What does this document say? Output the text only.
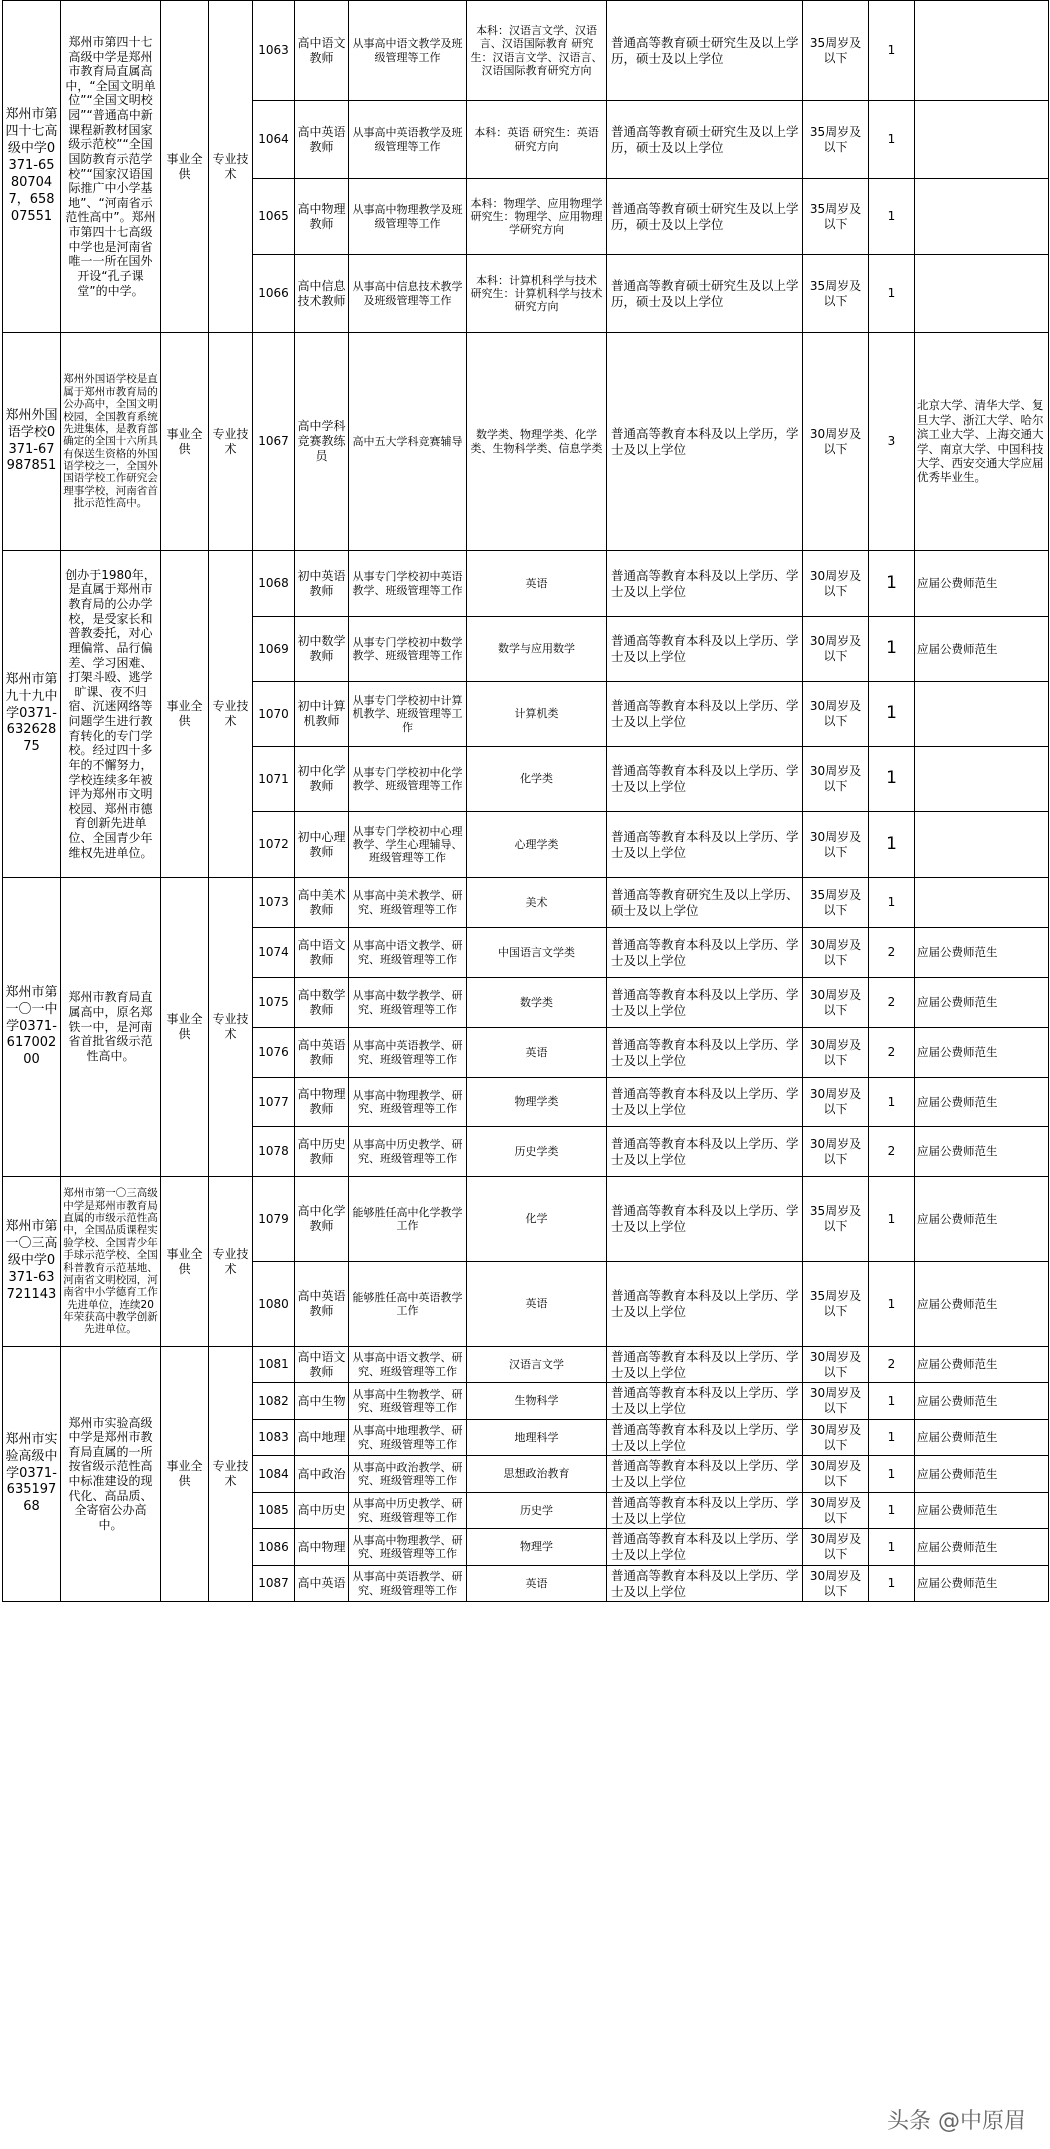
郑州市第四十七高级中学0371-65807047，65807551	郑州市第四十七高级中学是郑州市教育局直属高中，“全国文明单位”“全国文明校园”“普通高中新课程新教材国家级示范校”“全国国防教育示范学校”“国家汉语国际推广中小学基地”、“河南省示范性高中”。郑州市第四十七高级中学也是河南省唯一一所在国外开设“孔子课堂”的中学。	事业全供	专业技术	1063	高中语文教师	从事高中语文教学及班级管理等工作	本科：汉语言文学、汉语言、汉语国际教育 研究生：汉语言文学、汉语言、汉语国际教育研究方向	普通高等教育硕士研究生及以上学历，硕士及以上学位	35周岁及以下	1	
				1064	高中英语教师	从事高中英语教学及班级管理等工作	本科：英语 研究生：英语研究方向	普通高等教育硕士研究生及以上学历，硕士及以上学位	35周岁及以下	1	
				1065	高中物理教师	从事高中物理教学及班级管理等工作	本科：物理学、应用物理学 研究生：物理学、应用物理学研究方向	普通高等教育硕士研究生及以上学历，硕士及以上学位	35周岁及以下	1	
				1066	高中信息技术教师	从事高中信息技术教学及班级管理等工作	本科：计算机科学与技术 研究生：计算机科学与技术研究方向	普通高等教育硕士研究生及以上学历，硕士及以上学位	35周岁及以下	1	
郑州外国语学校0371-67987851	郑州外国语学校是直属于郑州市教育局的公办高中，全国文明校园，全国教育系统先进集体，是教育部确定的全国十六所具有保送生资格的外国语学校之一，全国外国语学校工作研究会理事学校，河南省首批示范性高中。	事业全供	专业技术	1067	高中学科竞赛教练员	高中五大学科竞赛辅导	数学类、物理学类、化学类、生物科学类、信息学类	普通高等教育本科及以上学历，学士及以上学位	30周岁及以下	3	北京大学、清华大学、复旦大学、浙江大学、哈尔滨工业大学、上海交通大学、南京大学、中国科技大学、西安交通大学应届优秀毕业生。
郑州市第九十九中学0371-63262875	创办于1980年，是直属于郑州市教育局的公办学校，是受家长和普教委托，对心理偏常、品行偏差、学习困难、打架斗殴、逃学旷课、夜不归宿、沉迷网络等问题学生进行教育转化的专门学校。经过四十多年的不懈努力，学校连续多年被评为郑州市文明校园、郑州市德育创新先进单位、全国青少年维权先进单位。	事业全供	专业技术	1068	初中英语教师	从事专门学校初中英语教学、班级管理等工作	英语	普通高等教育本科及以上学历、学士及以上学位	30周岁及以下	1	应届公费师范生
				1069	初中数学教师	从事专门学校初中数学教学、班级管理等工作	数学与应用数学	普通高等教育本科及以上学历、学士及以上学位	30周岁及以下	1	应届公费师范生
				1070	初中计算机教师	从事专门学校初中计算机教学、班级管理等工作	计算机类	普通高等教育本科及以上学历、学士及以上学位	30周岁及以下	1	
				1071	初中化学教师	从事专门学校初中化学教学、班级管理等工作	化学类	普通高等教育本科及以上学历、学士及以上学位	30周岁及以下	1	
				1072	初中心理教师	从事专门学校初中心理教学、学生心理辅导、班级管理等工作	心理学类	普通高等教育本科及以上学历、学士及以上学位	30周岁及以下	1	
郑州市第一〇一中学0371-61700200	郑州市教育局直属高中，原名郑铁一中，是河南省首批省级示范性高中。	事业全供	专业技术	1073	高中美术教师	从事高中美术教学、研究、班级管理等工作	美术	普通高等教育研究生及以上学历、硕士及以上学位	35周岁及以下	1	
				1074	高中语文教师	从事高中语文教学、研究、班级管理等工作	中国语言文学类	普通高等教育本科及以上学历、学士及以上学位	30周岁及以下	2	应届公费师范生
				1075	高中数学教师	从事高中数学教学、研究、班级管理等工作	数学类	普通高等教育本科及以上学历、学士及以上学位	30周岁及以下	2	应届公费师范生
				1076	高中英语教师	从事高中英语教学、研究、班级管理等工作	英语	普通高等教育本科及以上学历、学士及以上学位	30周岁及以下	2	应届公费师范生
				1077	高中物理教师	从事高中物理教学、研究、班级管理等工作	物理学类	普通高等教育本科及以上学历、学士及以上学位	30周岁及以下	1	应届公费师范生
				1078	高中历史教师	从事高中历史教学、研究、班级管理等工作	历史学类	普通高等教育本科及以上学历、学士及以上学位	30周岁及以下	2	应届公费师范生
郑州市第一〇三高级中学0371-63721143	郑州市第一〇三高级中学是郑州市教育局直属的市级示范性高中，全国品质课程实验学校、全国青少年手球示范学校、全国科普教育示范基地、河南省文明校园，河南省中小学德育工作先进单位，连续20年荣获高中教学创新先进单位。	事业全供	专业技术	1079	高中化学教师	能够胜任高中化学教学工作	化学	普通高等教育本科及以上学历、学士及以上学位	35周岁及以下	1	应届公费师范生
				1080	高中英语教师	能够胜任高中英语教学工作	英语	普通高等教育本科及以上学历、学士及以上学位	35周岁及以下	1	应届公费师范生
郑州市实验高级中学0371-63519768	郑州市实验高级中学是郑州市教育局直属的一所按省级示范性高中标准建设的现代化、高品质、全寄宿公办高中。	事业全供	专业技术	1081	高中语文教师	从事高中语文教学、研究、班级管理等工作	汉语言文学	普通高等教育本科及以上学历、学士及以上学位	30周岁及以下	2	应届公费师范生
				1082	高中生物	从事高中生物教学、研究、班级管理等工作	生物科学	普通高等教育本科及以上学历、学士及以上学位	30周岁及以下	1	应届公费师范生
				1083	高中地理	从事高中地理教学、研究、班级管理等工作	地理科学	普通高等教育本科及以上学历、学士及以上学位	30周岁及以下	1	应届公费师范生
				1084	高中政治	从事高中政治教学、研究、班级管理等工作	思想政治教育	普通高等教育本科及以上学历、学士及以上学位	30周岁及以下	1	应届公费师范生
				1085	高中历史	从事高中历史教学、研究、班级管理等工作	历史学	普通高等教育本科及以上学历、学士及以上学位	30周岁及以下	1	应届公费师范生
				1086	高中物理	从事高中物理教学、研究、班级管理等工作	物理学	普通高等教育本科及以上学历、学士及以上学位	30周岁及以下	1	应届公费师范生
				1087	高中英语	从事高中英语教学、研究、班级管理等工作	英语	普通高等教育本科及以上学历、学士及以上学位	30周岁及以下	1	应届公费师范生
头条 @中原眉
